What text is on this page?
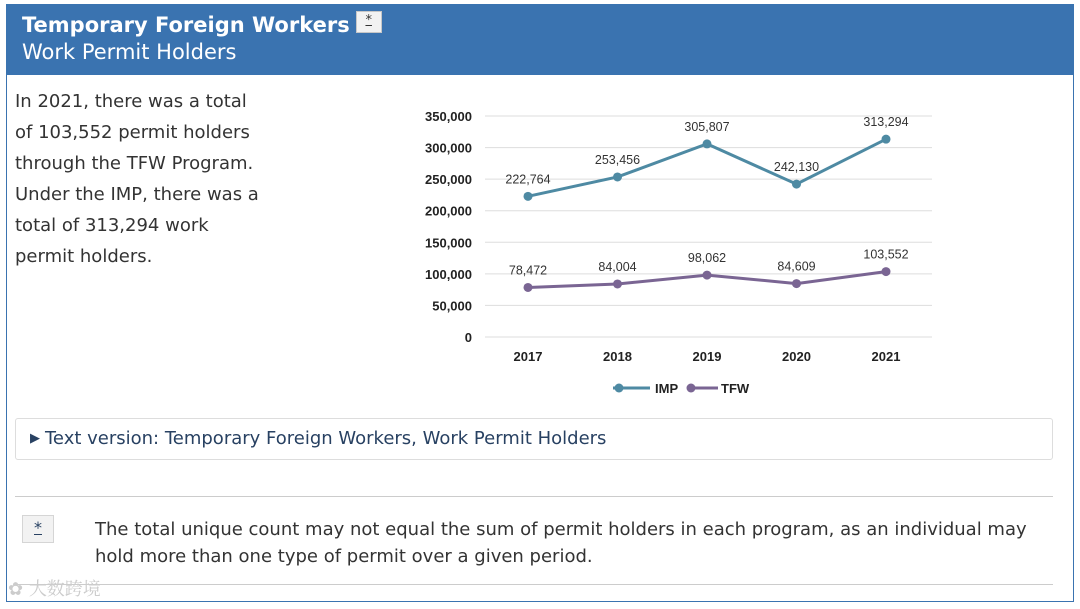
Temporary Foreign Workers	*
Work Permit Holders
In 2021, there was a total of 103,552 permit holders through the TFW Program. Under the IMP, there was a total of 313,294 work permit holders.
0
50,000
100,000
150,000
200,000
250,000
300,000
350,000
2017	2018	2019	2020	2021
222,764
253,456
305,807
242,130
313,294
78,472	84,004
98,062
84,609
103,552
IMP	TFW
▶ Text version: Temporary Foreign Workers, Work Permit Holders
*	The total unique count may not equal the sum of permit holders in each program, as an individual may hold more than one type of permit over a given period.
✿ 大数跨境
